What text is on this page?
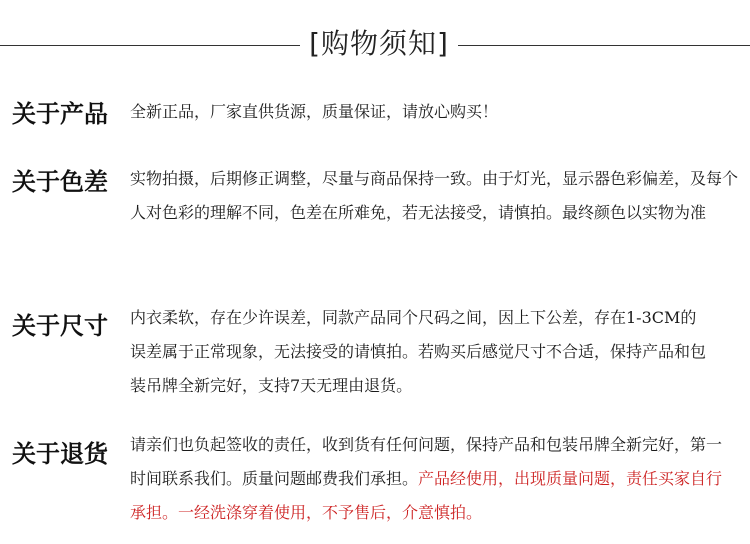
[购物须知]
关于产品 全新正品，厂家直供货源，质量保证，请放心购买！
关于色差 实物拍摄，后期修正调整，尽量与商品保持一致。由于灯光，显示器色彩偏差，及每个人对色彩的理解不同，色差在所难免，若无法接受，请慎拍。最终颜色以实物为准
关于尺寸 内衣柔软，存在少许误差，同款产品同个尺码之间，因上下公差，存在1-3CM的误差属于正常现象，无法接受的请慎拍。若购买后感觉尺寸不合适，保持产品和包装吊牌全新完好，支持7天无理由退货。
关于退货 请亲们也负起签收的责任，收到货有任何问题，保持产品和包装吊牌全新完好，第一时间联系我们。质量问题邮费我们承担。产品经使用，出现质量问题，责任买家自行承担。一经洗涤穿着使用，不予售后，介意慎拍。
